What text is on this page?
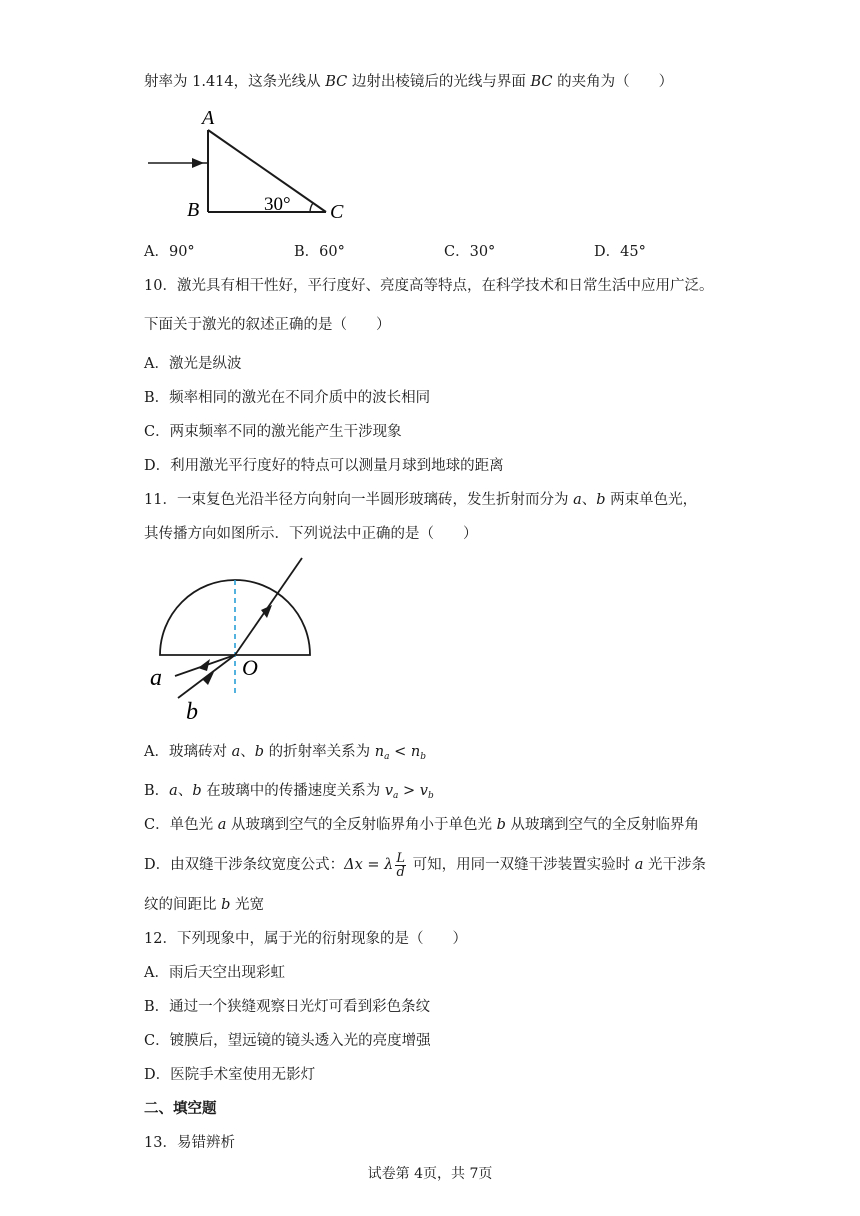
射率为 1.414，这条光线从 BC 边射出棱镜后的光线与界面 BC 的夹角为（　　）
A
B	C
30°
A．90°	B．60°	C．30°	D．45°
10．激光具有相干性好，平行度好、亮度高等特点，在科学技术和日常生活中应用广泛。
下面关于激光的叙述正确的是（　　）
A．激光是纵波
B．频率相同的激光在不同介质中的波长相同
C．两束频率不同的激光能产生干涉现象
D．利用激光平行度好的特点可以测量月球到地球的距离
11．一束复色光沿半径方向射向一半圆形玻璃砖，发生折射而分为 a、b 两束单色光，
其传播方向如图所示．下列说法中正确的是（　　）
O
a
b
A．玻璃砖对 a、b 的折射率关系为 $n_a < n_b$
B．a、b 在玻璃中的传播速度关系为 $v_a > v_b$
C．单色光 a 从玻璃到空气的全反射临界角小于单色光 b 从玻璃到空气的全反射临界角
D．由双缝干涉条纹宽度公式：Δx = λ $\frac{L}{d}$ 可知，用同一双缝干涉装置实验时 a 光干涉条
纹的间距比 b 光宽
12．下列现象中，属于光的衍射现象的是（　　）
A．雨后天空出现彩虹
B．通过一个狭缝观察日光灯可看到彩色条纹
C．镀膜后，望远镜的镜头透入光的亮度增强
D．医院手术室使用无影灯
二、填空题
13．易错辨析
试卷第 4页，共 7页
